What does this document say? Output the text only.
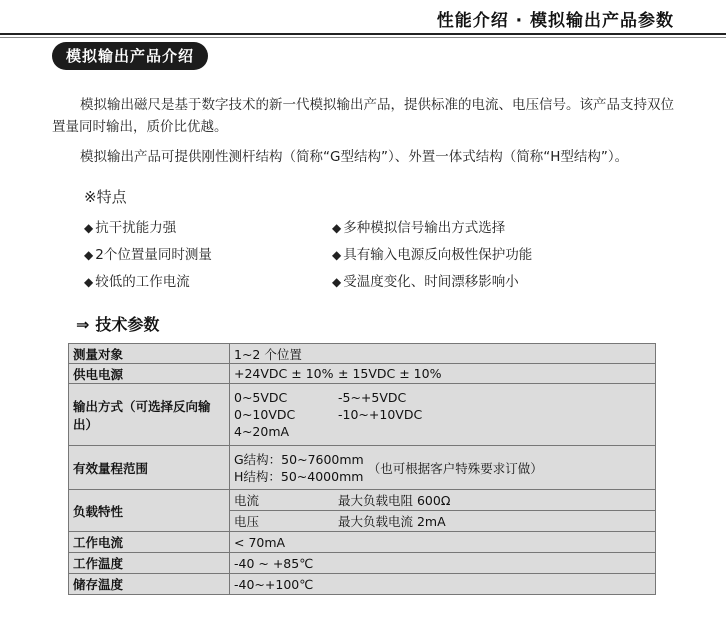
性能介绍 · 模拟输出产品参数
模拟输出产品介绍
模拟输出磁尺是基于数字技术的新一代模拟输出产品，提供标准的电流、电压信号。该产品支持双位置量同时输出，质价比优越。
模拟输出产品可提供刚性测杆结构（简称“G型结构”）、外置一体式结构（简称“H型结构”）。
※特点
◆ 抗干扰能力强	◆ 多种模拟信号输出方式选择
◆ 2个位置量同时测量	◆ 具有输入电源反向极性保护功能
◆ 较低的工作电流	◆ 受温度变化、时间漂移影响小
⇒ 技术参数
测量对象	1~2 个位置
供电电源	+24VDC ± 10% ± 15VDC ± 10%

输出方式（可选择反向输出）	0~5VDC -5~+5VDC
0~10VDC -10~+10VDC
4~20mA

有效量程范围	G结构：50~7600mm
H结构：50~4000mm
（也可根据客户特殊要求订做）

负载特性	电流 最大负载电阻 600Ω

	电压 最大负载电流 2mA

工作电流	< 70mA
工作温度	-40 ~ +85℃
储存温度	-40~+100℃
